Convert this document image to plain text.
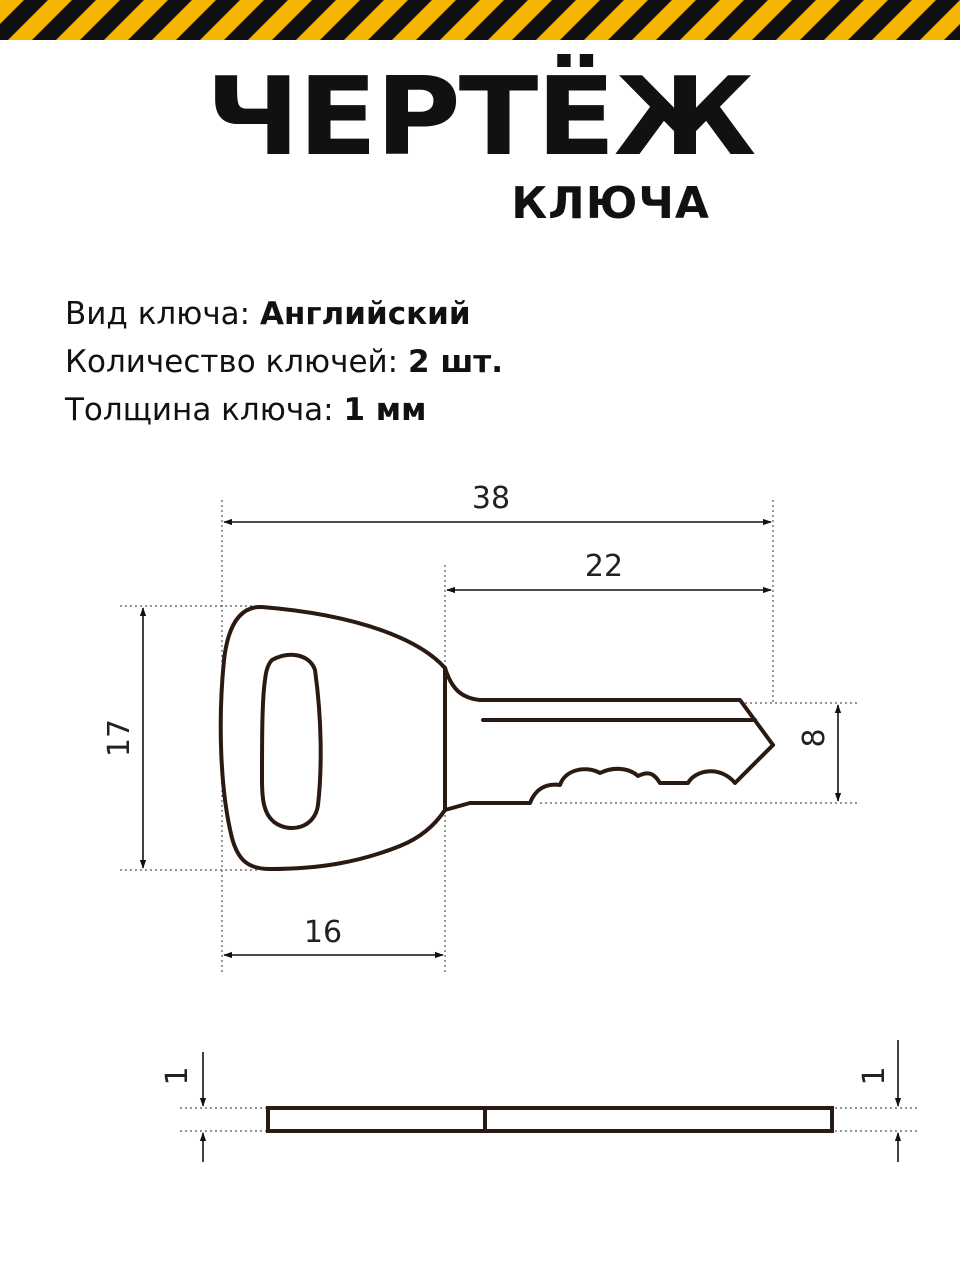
ЧЕРТЁЖ
КЛЮЧА
Вид ключа: Английский
Количество ключей: 2 шт.
Толщина ключа: 1 мм
38
22
16
17	8
1	1
